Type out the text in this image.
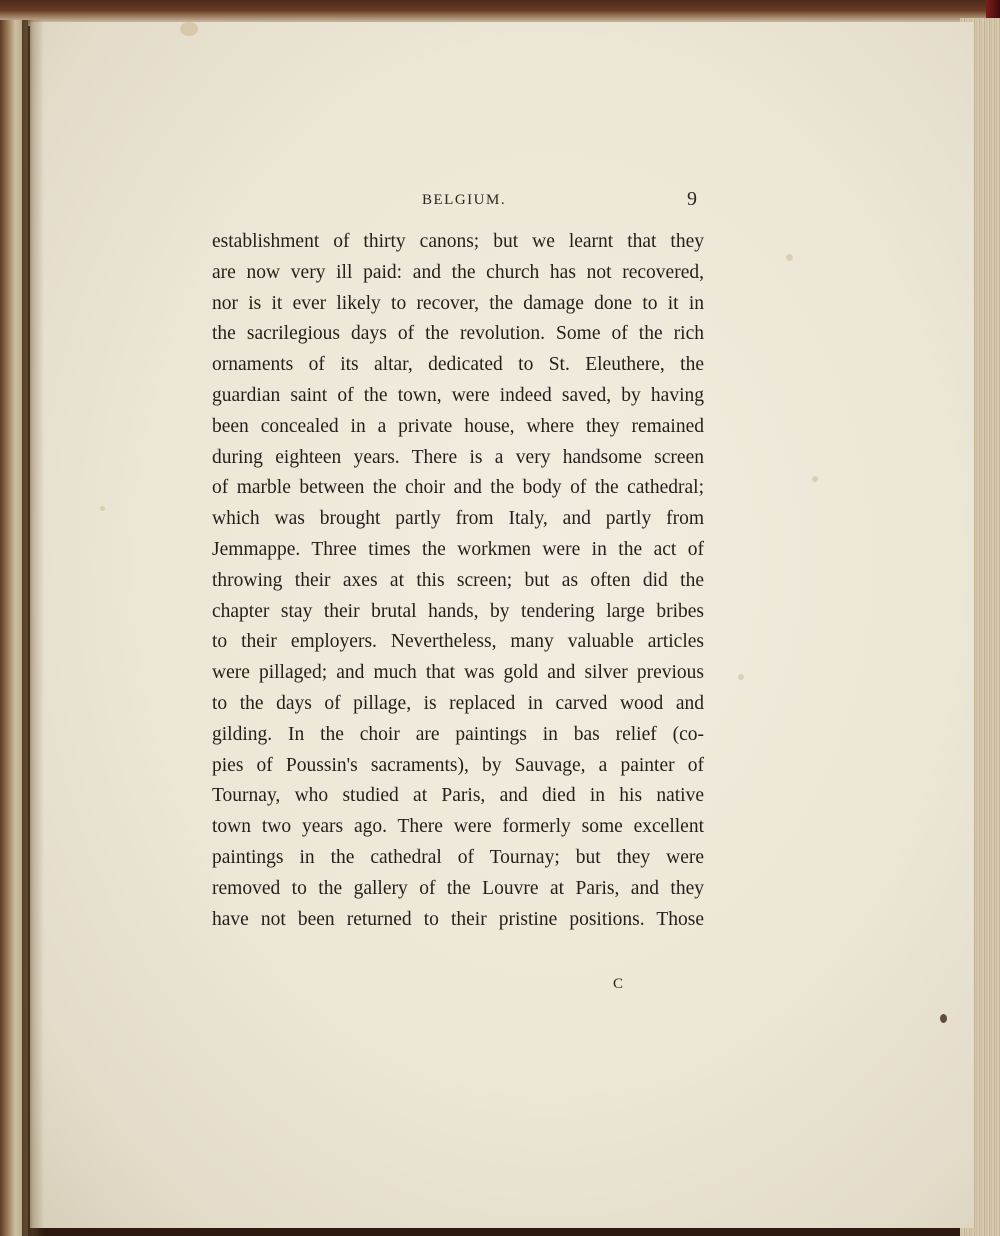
BELGIUM.	9
establishment of thirty canons; but we learnt that they
are now very ill paid: and the church has not recovered,
nor is it ever likely to recover, the damage done to it in
the sacrilegious days of the revolution. Some of the rich
ornaments of its altar, dedicated to St. Eleuthere, the
guardian saint of the town, were indeed saved, by having
been concealed in a private house, where they remained
during eighteen years. There is a very handsome screen
of marble between the choir and the body of the cathedral;
which was brought partly from Italy, and partly from
Jemmappe. Three times the workmen were in the act of
throwing their axes at this screen; but as often did the
chapter stay their brutal hands, by tendering large bribes
to their employers. Nevertheless, many valuable articles
were pillaged; and much that was gold and silver previous
to the days of pillage, is replaced in carved wood and
gilding. In the choir are paintings in bas relief (co-
pies of Poussin's sacraments), by Sauvage, a painter of
Tournay, who studied at Paris, and died in his native
town two years ago. There were formerly some excellent
paintings in the cathedral of Tournay; but they were
removed to the gallery of the Louvre at Paris, and they
have not been returned to their pristine positions. Those
C
